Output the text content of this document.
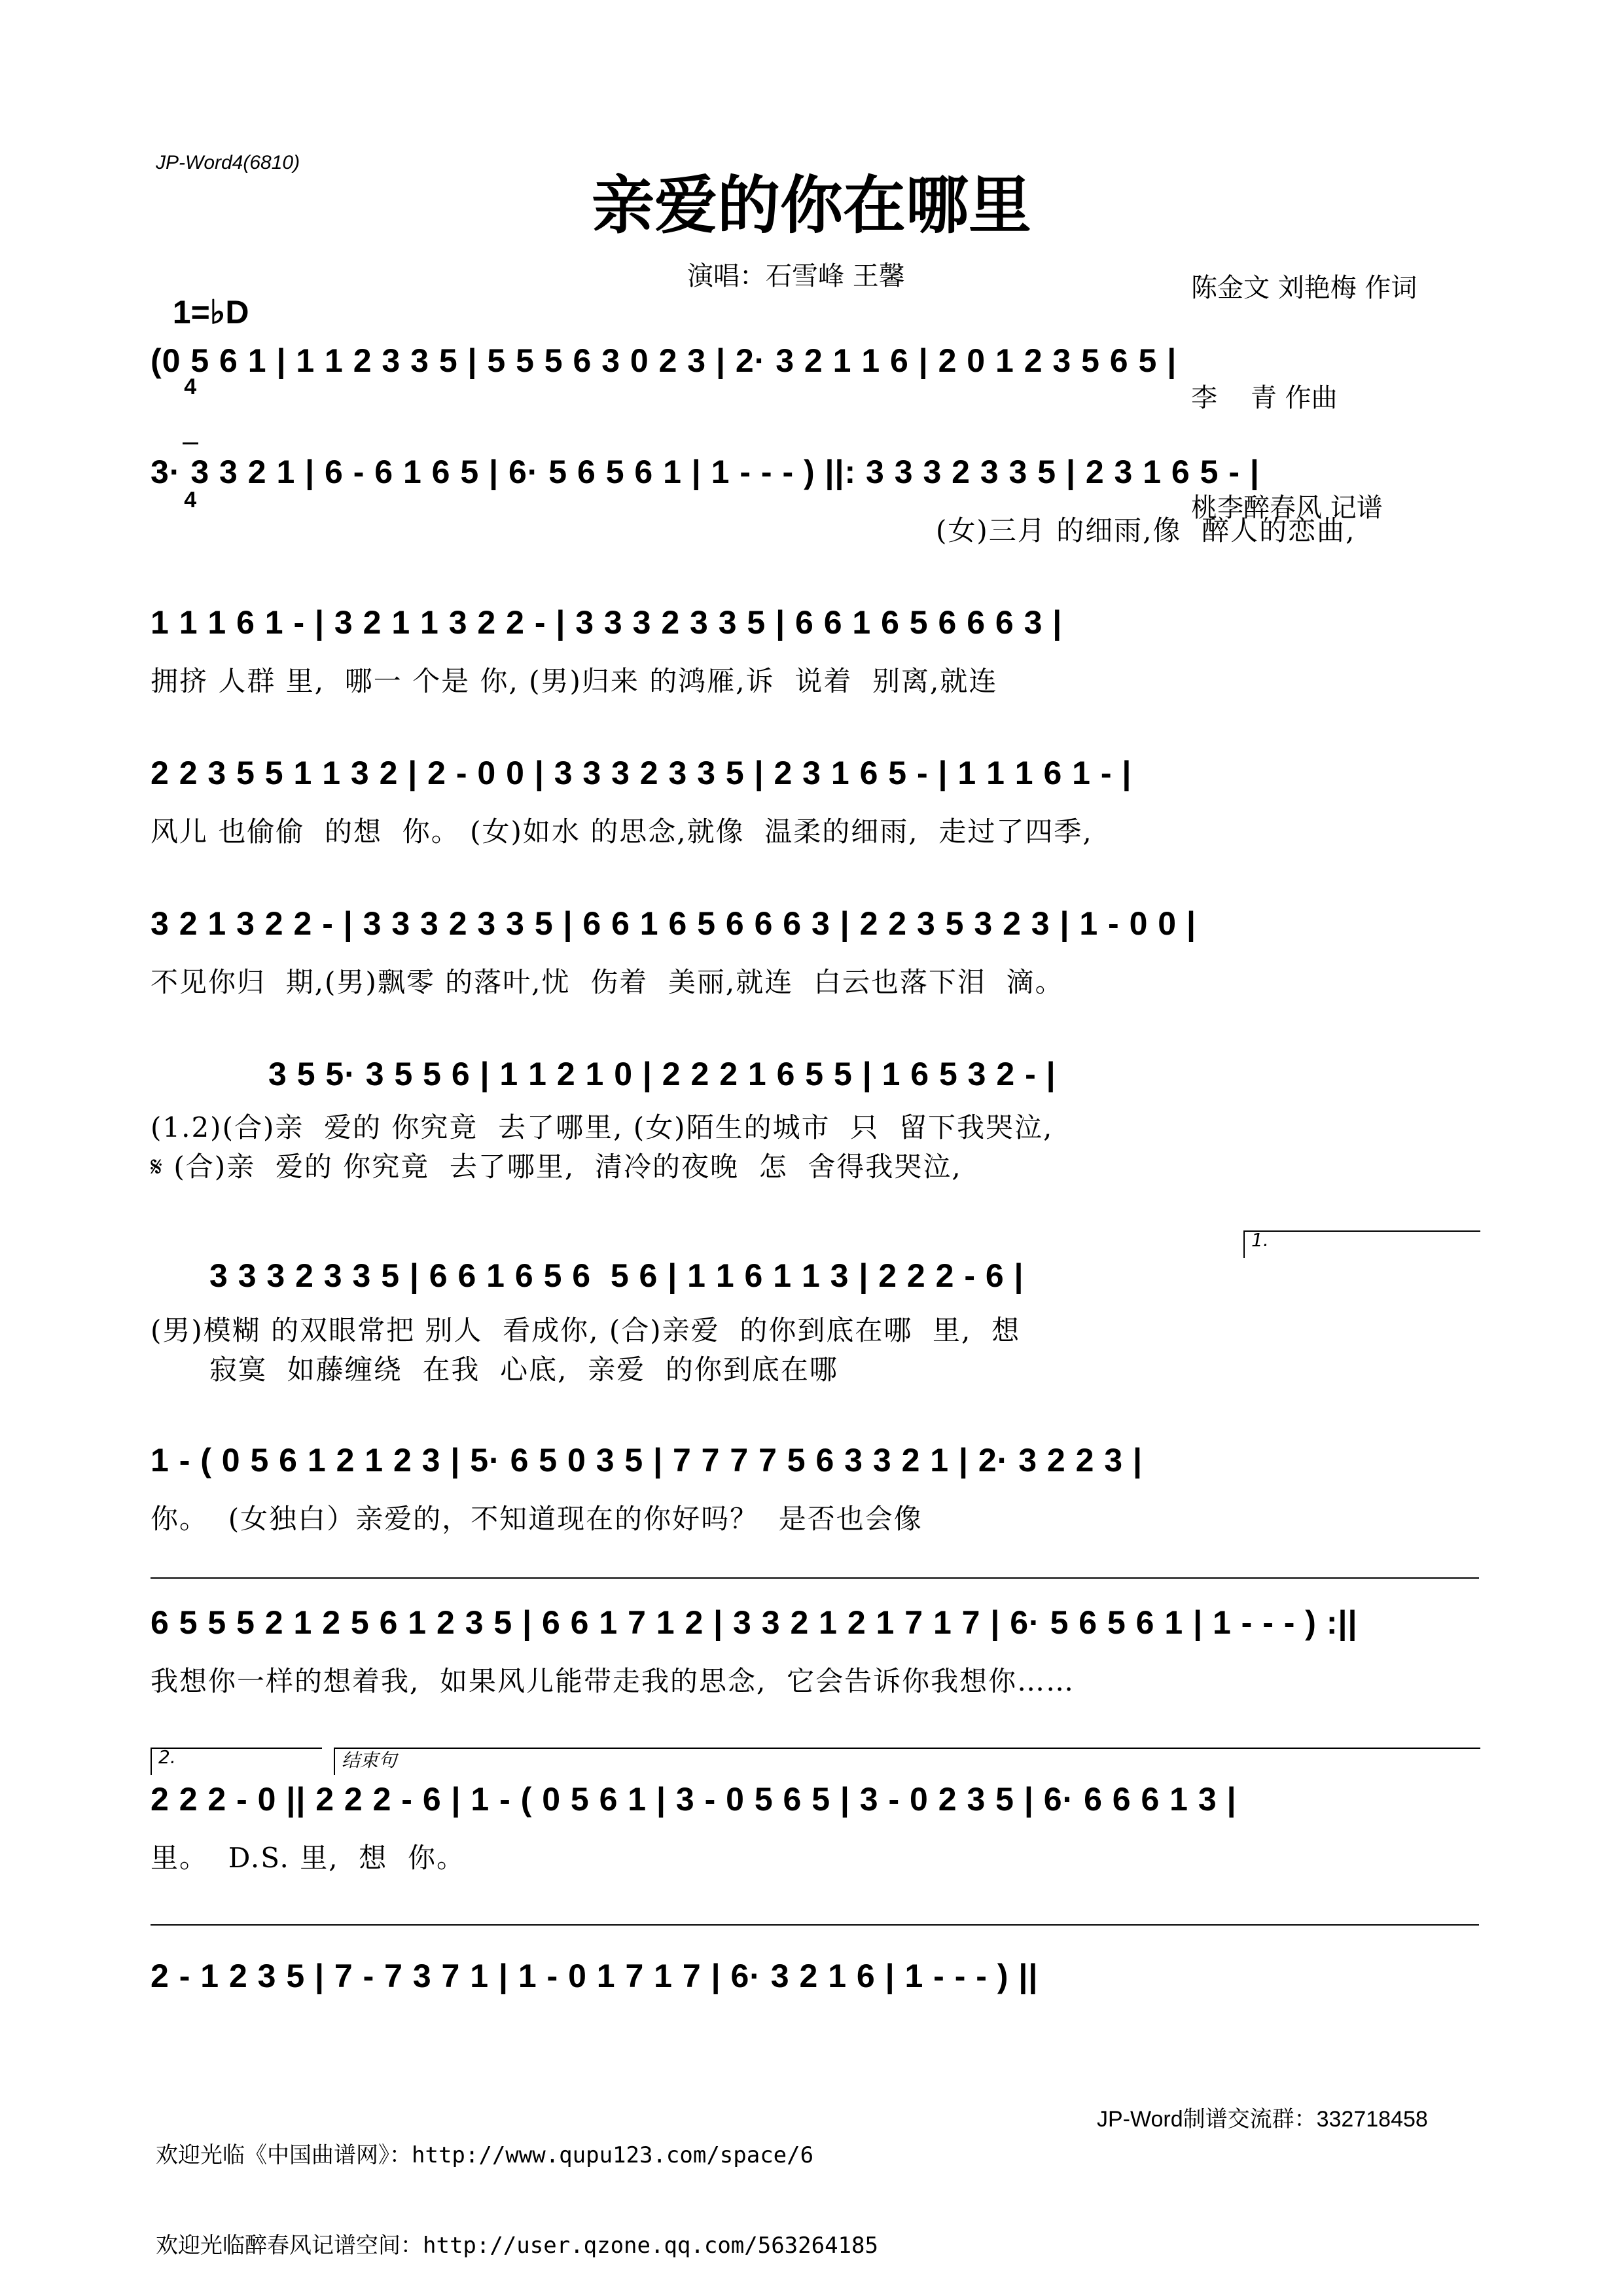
JP-Word4(6810)
亲爱的你在哪里

陈金文 刘艳梅 作词

李    青 作曲

桃李醉春风 记谱

1=♭D

$\frac{4}{4}$

演唱：石雪峰 王馨
(0 5 6 1 | 1 1 2 3 3 5 | 5 5 5 6 3 0 2 3 | 2· 3 2 1 1 6 | 2 0 1 2 3 5 6 5 |
3· 3 3 2 1 | 6 - 6 1 6 5 | 6· 5 6 5 6 1 | 1 - - - ) ||: 3 3 3 2 3 3 5 | 2 3 1 6 5 - |
(女)三月 的细雨,像  醉人的恋曲,
1 1 1 6 1 - | 3 2 1 1 3 2 2 - | 3 3 3 2 3 3 5 | 6 6 1 6 5 6 6 6 3 |
拥挤 人群 里,  哪一 个是 你, (男)归来 的鸿雁,诉  说着  别离,就连
2 2 3 5 5 1 1 3 2 | 2 - 0 0 | 3 3 3 2 3 3 5 | 2 3 1 6 5 - | 1 1 1 6 1 - |
风儿 也偷偷  的想  你。 (女)如水 的思念,就像  温柔的细雨,  走过了四季,
3 2 1 3 2 2 - | 3 3 3 2 3 3 5 | 6 6 1 6 5 6 6 6 3 | 2 2 3 5 3 2 3 | 1 - 0 0 |
不见你归  期,(男)飘零 的落叶,忧  伤着  美丽,就连  白云也落下泪  滴。
3 5 5· 3 5 5 6 | 1 1 2 1 0 | 2 2 2 1 6 5 5 | 1 6 5 3 2 - |
(1.2)(合)亲  爱的 你究竟  去了哪里, (女)陌生的城市  只  留下我哭泣,
𝄋 (合)亲  爱的 你究竟  去了哪里,  清冷的夜晚  怎  舍得我哭泣,
1.
3 3 3 2 3 3 5 | 6 6 1 6 5 6  5 6 | 1 1 6 1 1 3 | 2 2 2 - 6 |
(男)模糊 的双眼常把 别人  看成你, (合)亲爱  的你到底在哪  里,  想
寂寞  如藤缠绕  在我  心底,  亲爱  的你到底在哪
1 - ( 0 5 6 1 2 1 2 3 | 5· 6 5 0 3 5 | 7 7 7 7 5 6 3 3 2 1 | 2· 3 2 2 3 |
你。  (女独白）亲爱的，不知道现在的你好吗？  是否也会像
6 5 5 5 2 1 2 5 6 1 2 3 5 | 6 6 1 7 1 2 | 3 3 2 1 2 1 7 1 7 | 6· 5 6 5 6 1 | 1 - - - ) :||
我想你一样的想着我,  如果风儿能带走我的思念,  它会告诉你我想你……
2.	结束句
2 2 2 - 0 || 2 2 2 - 6 | 1 - ( 0 5 6 1 | 3 - 0 5 6 5 | 3 - 0 2 3 5 | 6· 6 6 6 1 3 |
里。  D.S. 里,  想  你。
2 - 1 2 3 5 | 7 - 7 3 7 1 | 1 - 0 1 7 1 7 | 6· 3 2 1 6 | 1 - - - ) ||

欢迎光临《中国曲谱网》：http://www.qupu123.com/space/6

欢迎光临醉春风记谱空间：http://user.qzone.qq.com/563264185

JP-Word制谱交流群：332718458
